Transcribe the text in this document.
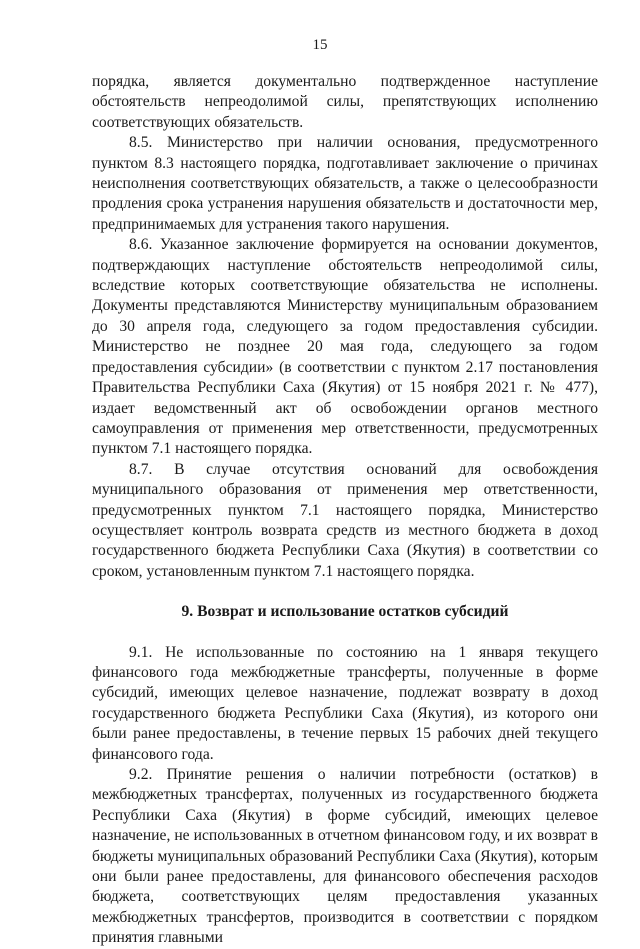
15

порядка, является документально подтвержденное наступление обстоятельств непреодолимой силы, препятствующих исполнению соответствующих обязательств.

8.5. Министерство при наличии основания, предусмотренного пунктом 8.3 настоящего порядка, подготавливает заключение о причинах неисполнения соответствующих обязательств, а также о целесообразности продления срока устранения нарушения обязательств и достаточности мер, предпринимаемых для устранения такого нарушения.

8.6. Указанное заключение формируется на основании документов, подтверждающих наступление обстоятельств непреодолимой силы, вследствие которых соответствующие обязательства не исполнены. Документы представляются Министерству муниципальным образованием до 30 апреля года, следующего за годом предоставления субсидии. Министерство не позднее 20 мая года, следующего за годом предоставления субсидии» (в соответствии с пунктом 2.17 постановления Правительства Республики Саха (Якутия) от 15 ноября 2021 г. № 477), издает ведомственный акт об освобождении органов местного самоуправления от применения мер ответственности, предусмотренных пунктом 7.1 настоящего порядка.

8.7. В случае отсутствия оснований для освобождения муниципального образования от применения мер ответственности, предусмотренных пунктом 7.1 настоящего порядка, Министерство осуществляет контроль возврата средств из местного бюджета в доход государственного бюджета Республики Саха (Якутия) в соответствии со сроком, установленным пунктом 7.1 настоящего порядка.

9. Возврат и использование остатков субсидий

9.1. Не использованные по состоянию на 1 января текущего финансового года межбюджетные трансферты, полученные в форме субсидий, имеющих целевое назначение, подлежат возврату в доход государственного бюджета Республики Саха (Якутия), из которого они были ранее предоставлены, в течение первых 15 рабочих дней текущего финансового года.

9.2. Принятие решения о наличии потребности (остатков) в межбюджетных трансфертах, полученных из государственного бюджета Республики Саха (Якутия) в форме субсидий, имеющих целевое назначение, не использованных в отчетном финансовом году, и их возврат в бюджеты муниципальных образований Республики Саха (Якутия), которым они были ранее предоставлены, для финансового обеспечения расходов бюджета, соответствующих целям предоставления указанных межбюджетных трансфертов, производится в соответствии с порядком принятия главными
